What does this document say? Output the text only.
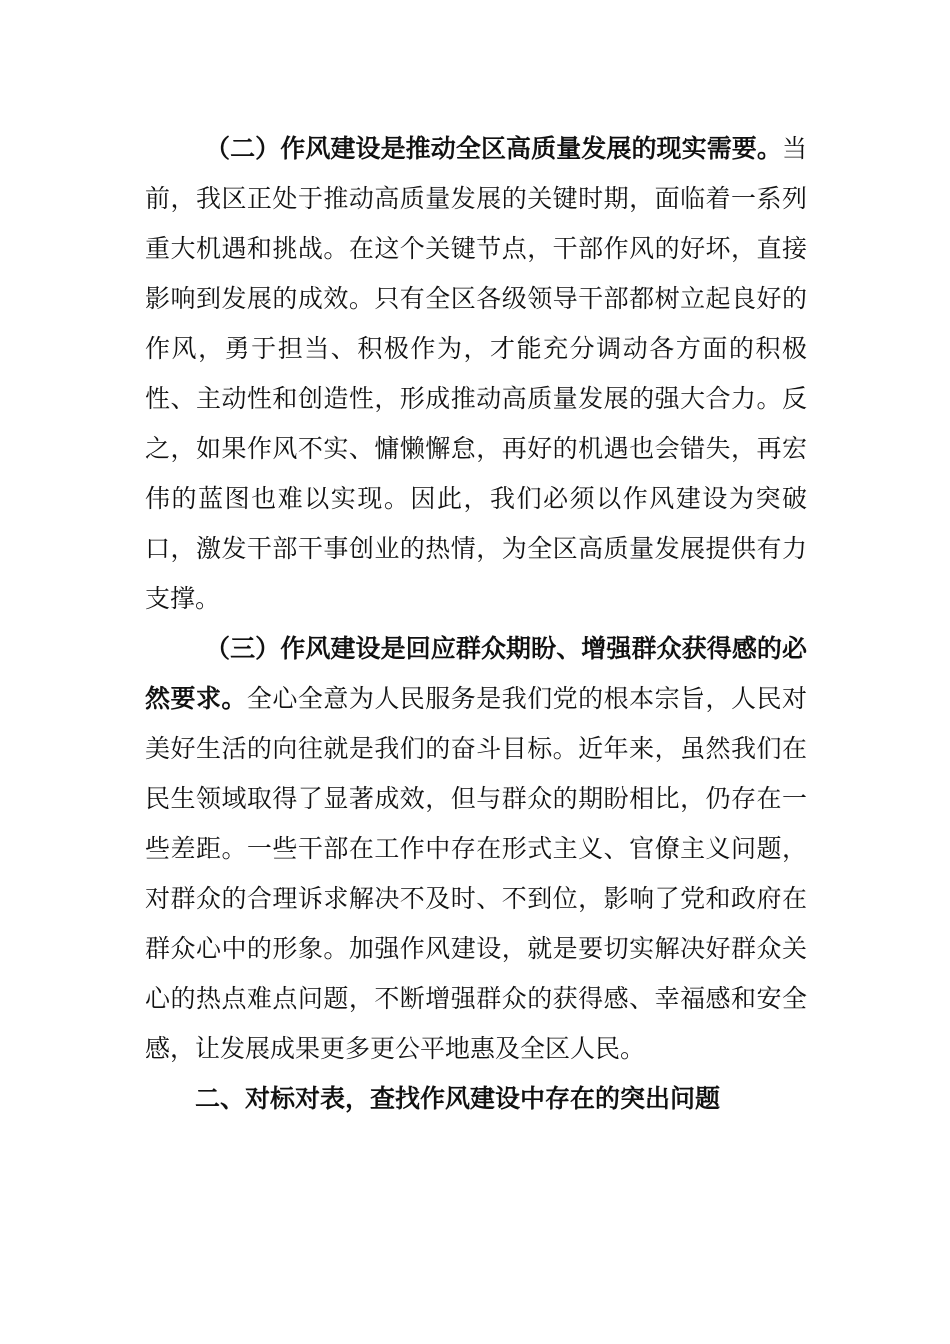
（二）作风建设是推动全区高质量发展的现实需要。当前，我区正处于推动高质量发展的关键时期，面临着一系列重大机遇和挑战。在这个关键节点，干部作风的好坏，直接影响到发展的成效。只有全区各级领导干部都树立起良好的作风，勇于担当、积极作为，才能充分调动各方面的积极性、主动性和创造性，形成推动高质量发展的强大合力。反之，如果作风不实、慵懒懈怠，再好的机遇也会错失，再宏伟的蓝图也难以实现。因此，我们必须以作风建设为突破口，激发干部干事创业的热情，为全区高质量发展提供有力支撑。

（三）作风建设是回应群众期盼、增强群众获得感的必然要求。全心全意为人民服务是我们党的根本宗旨，人民对美好生活的向往就是我们的奋斗目标。近年来，虽然我们在民生领域取得了显著成效，但与群众的期盼相比，仍存在一些差距。一些干部在工作中存在形式主义、官僚主义问题，对群众的合理诉求解决不及时、不到位，影响了党和政府在群众心中的形象。加强作风建设，就是要切实解决好群众关心的热点难点问题，不断增强群众的获得感、幸福感和安全感，让发展成果更多更公平地惠及全区人民。

二、对标对表，查找作风建设中存在的突出问题
